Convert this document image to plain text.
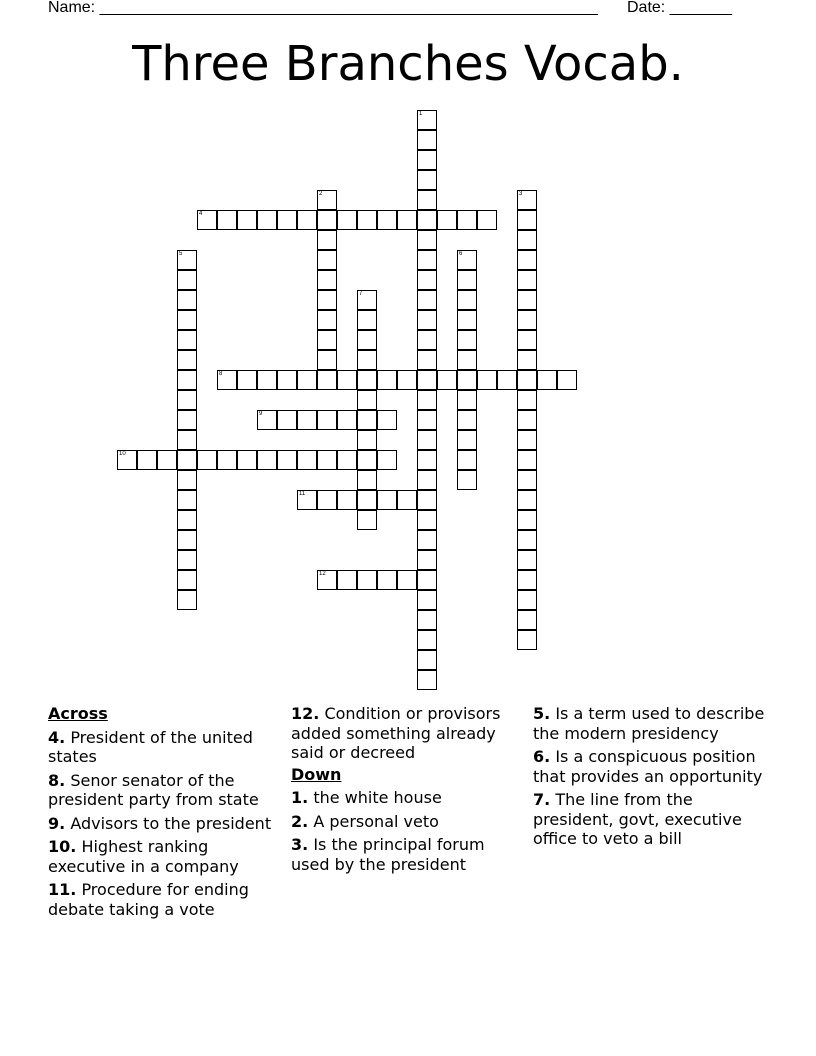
Name: ________________________________________________________ Date: _______
Three Branches Vocab.
1
2	3
4
5	6
7
8
9
10
11
12
Across
4. President of the united states
8. Senor senator of the president party from state
9. Advisors to the president
10. Highest ranking executive in a company
11. Procedure for ending debate taking a vote
12. Condition or provisors added something already said or decreed
Down
1. the white house
2. A personal veto
3. Is the principal forum used by the president
5. Is a term used to describe the modern presidency
6. Is a conspicuous position that provides an opportunity
7. The line from the president, govt, executive office to veto a bill
